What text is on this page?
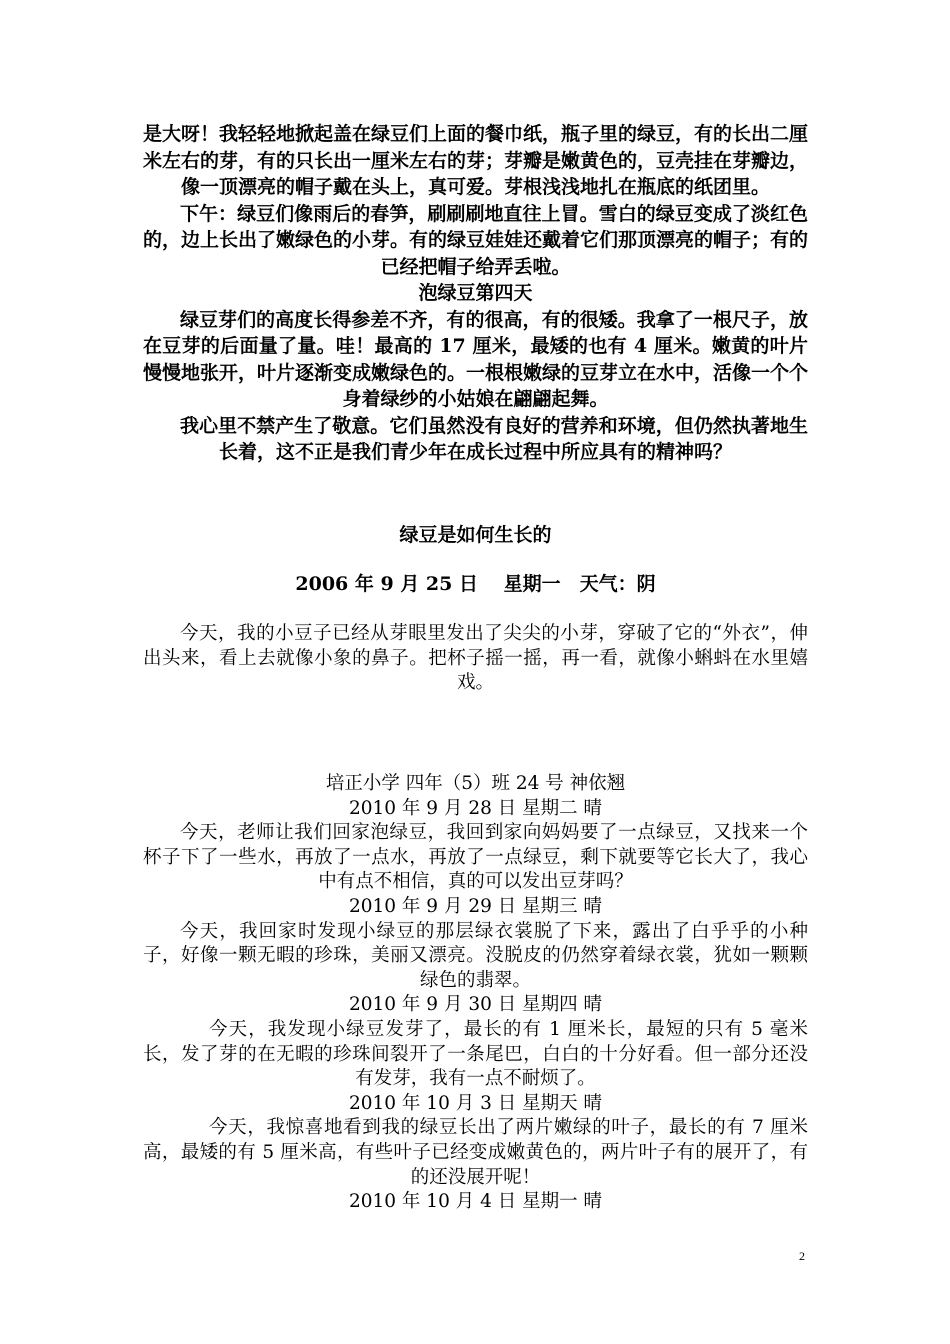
是大呀！我轻轻地掀起盖在绿豆们上面的餐巾纸，瓶子里的绿豆，有的长出二厘米左右的芽，有的只长出一厘米左右的芽；芽瓣是嫩黄色的，豆壳挂在芽瓣边，像一顶漂亮的帽子戴在头上，真可爱。芽根浅浅地扎在瓶底的纸团里。

下午：绿豆们像雨后的春笋，刷刷刷地直往上冒。雪白的绿豆变成了淡红色的，边上长出了嫩绿色的小芽。有的绿豆娃娃还戴着它们那顶漂亮的帽子；有的已经把帽子给弄丢啦。

泡绿豆第四天

绿豆芽们的高度长得参差不齐，有的很高，有的很矮。我拿了一根尺子，放在豆芽的后面量了量。哇！最高的 17 厘米，最矮的也有 4 厘米。嫩黄的叶片慢慢地张开，叶片逐渐变成嫩绿色的。一根根嫩绿的豆芽立在水中，活像一个个身着绿纱的小姑娘在翩翩起舞。

我心里不禁产生了敬意。它们虽然没有良好的营养和环境，但仍然执著地生长着，这不正是我们青少年在成长过程中所应具有的精神吗？

绿豆是如何生长的
2006 年 9 月 25 日　 星期一　天气：阴

今天，我的小豆子已经从芽眼里发出了尖尖的小芽，穿破了它的“外衣”，伸出头来，看上去就像小象的鼻子。把杯子摇一摇，再一看，就像小蝌蚪在水里嬉戏。

培正小学 四年（5）班 24 号 神依翘

2010 年 9 月 28 日 星期二 晴

今天，老师让我们回家泡绿豆，我回到家向妈妈要了一点绿豆，又找来一个杯子下了一些水，再放了一点水，再放了一点绿豆，剩下就要等它长大了，我心中有点不相信，真的可以发出豆芽吗？

2010 年 9 月 29 日 星期三 晴

今天，我回家时发现小绿豆的那层绿衣裳脱了下来，露出了白乎乎的小种子，好像一颗无暇的珍珠，美丽又漂亮。没脱皮的仍然穿着绿衣裳，犹如一颗颗绿色的翡翠。

2010 年 9 月 30 日 星期四 晴

今天，我发现小绿豆发芽了，最长的有 1 厘米长，最短的只有 5 毫米长，发了芽的在无暇的珍珠间裂开了一条尾巴，白白的十分好看。但一部分还没有发芽，我有一点不耐烦了。

2010 年 10 月 3 日 星期天 晴

今天，我惊喜地看到我的绿豆长出了两片嫩绿的叶子，最长的有 7 厘米高，最矮的有 5 厘米高，有些叶子已经变成嫩黄色的，两片叶子有的展开了，有的还没展开呢！

2010 年 10 月 4 日 星期一 晴

2
